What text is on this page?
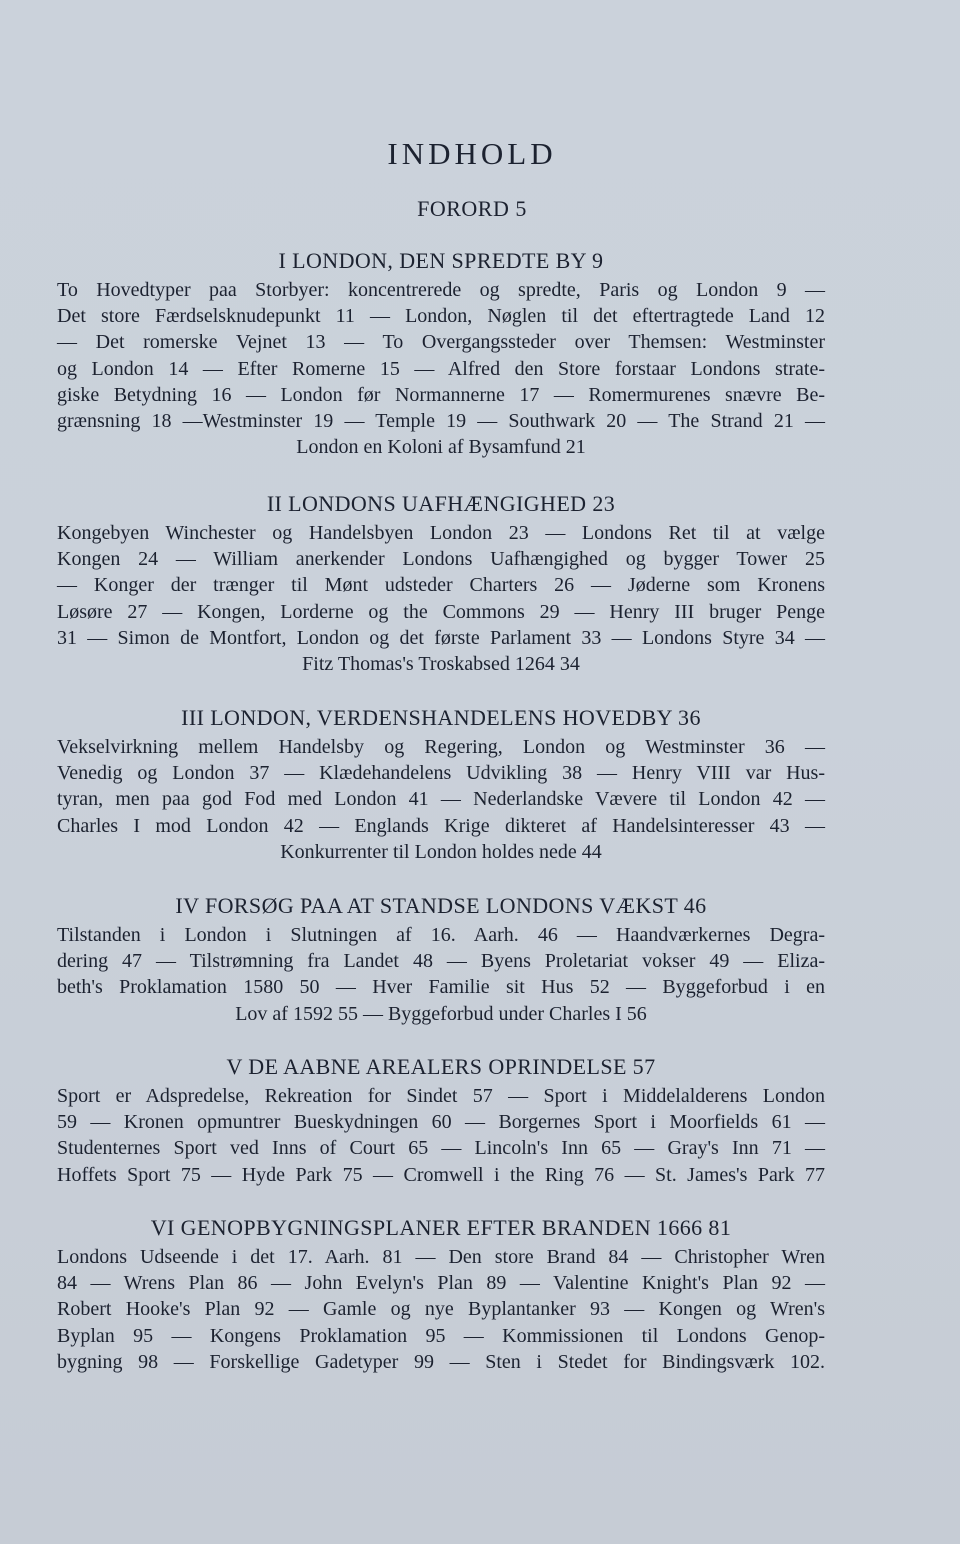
INDHOLD
FORORD 5
I LONDON, DEN SPREDTE BY 9
To Hovedtyper paa Storbyer: koncentrerede og spredte, Paris og London 9 —
Det store Færdselsknudepunkt 11 — London, Nøglen til det eftertragtede Land 12
— Det romerske Vejnet 13 — To Overgangssteder over Themsen: Westminster
og London 14 — Efter Romerne 15 — Alfred den Store forstaar Londons strate-
giske Betydning 16 — London før Normannerne 17 — Romermurenes snævre Be-
grænsning 18 —Westminster 19 — Temple 19 — Southwark 20 — The Strand 21 —
London en Koloni af Bysamfund 21
II LONDONS UAFHÆNGIGHED 23
Kongebyen Winchester og Handelsbyen London 23 — Londons Ret til at vælge
Kongen 24 — William anerkender Londons Uafhængighed og bygger Tower 25
— Konger der trænger til Mønt udsteder Charters 26 — Jøderne som Kronens
Løsøre 27 — Kongen, Lorderne og the Commons 29 — Henry III bruger Penge
31 — Simon de Montfort, London og det første Parlament 33 — Londons Styre 34 —
Fitz Thomas's Troskabsed 1264 34
III LONDON, VERDENSHANDELENS HOVEDBY 36
Vekselvirkning mellem Handelsby og Regering, London og Westminster 36 —
Venedig og London 37 — Klædehandelens Udvikling 38 — Henry VIII var Hus-
tyran, men paa god Fod med London 41 — Nederlandske Vævere til London 42 —
Charles I mod London 42 — Englands Krige dikteret af Handelsinteresser 43 —
Konkurrenter til London holdes nede 44
IV FORSØG PAA AT STANDSE LONDONS VÆKST 46
Tilstanden i London i Slutningen af 16. Aarh. 46 — Haandværkernes Degra-
dering 47 — Tilstrømning fra Landet 48 — Byens Proletariat vokser 49 — Eliza-
beth's Proklamation 1580 50 — Hver Familie sit Hus 52 — Byggeforbud i en
Lov af 1592 55 — Byggeforbud under Charles I 56
V DE AABNE AREALERS OPRINDELSE 57
Sport er Adspredelse, Rekreation for Sindet 57 — Sport i Middelalderens London
59 — Kronen opmuntrer Bueskydningen 60 — Borgernes Sport i Moorfields 61 —
Studenternes Sport ved Inns of Court 65 — Lincoln's Inn 65 — Gray's Inn 71 —
Hoffets Sport 75 — Hyde Park 75 — Cromwell i the Ring 76 — St. James's Park 77
VI GENOPBYGNINGSPLANER EFTER BRANDEN 1666 81
Londons Udseende i det 17. Aarh. 81 — Den store Brand 84 — Christopher Wren
84 — Wrens Plan 86 — John Evelyn's Plan 89 — Valentine Knight's Plan 92 —
Robert Hooke's Plan 92 — Gamle og nye Byplantanker 93 — Kongen og Wren's
Byplan 95 — Kongens Proklamation 95 — Kommissionen til Londons Genop-
bygning 98 — Forskellige Gadetyper 99 — Sten i Stedet for Bindingsværk 102.
